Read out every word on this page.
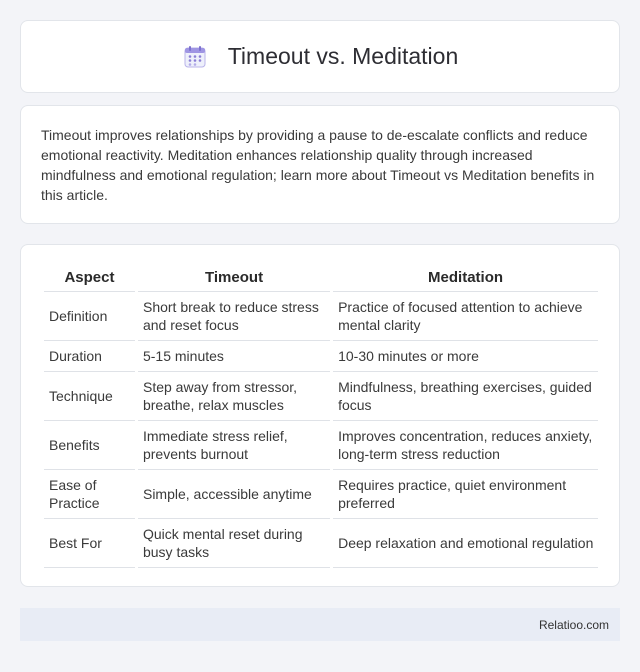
Timeout vs. Meditation

Timeout improves relationships by providing a pause to de-escalate conflicts and reduce emotional reactivity. Meditation enhances relationship quality through increased mindfulness and emotional regulation; learn more about Timeout vs Meditation benefits in this article.

Aspect	Timeout	Meditation
Definition	Short break to reduce stress and reset focus	Practice of focused attention to achieve mental clarity
Duration	5-15 minutes	10-30 minutes or more
Technique	Step away from stressor, breathe, relax muscles	Mindfulness, breathing exercises, guided focus
Benefits	Immediate stress relief, prevents burnout	Improves concentration, reduces anxiety, long-term stress reduction
Ease of Practice	Simple, accessible anytime	Requires practice, quiet environment preferred
Best For	Quick mental reset during busy tasks	Deep relaxation and emotional regulation
Relatioo.com
